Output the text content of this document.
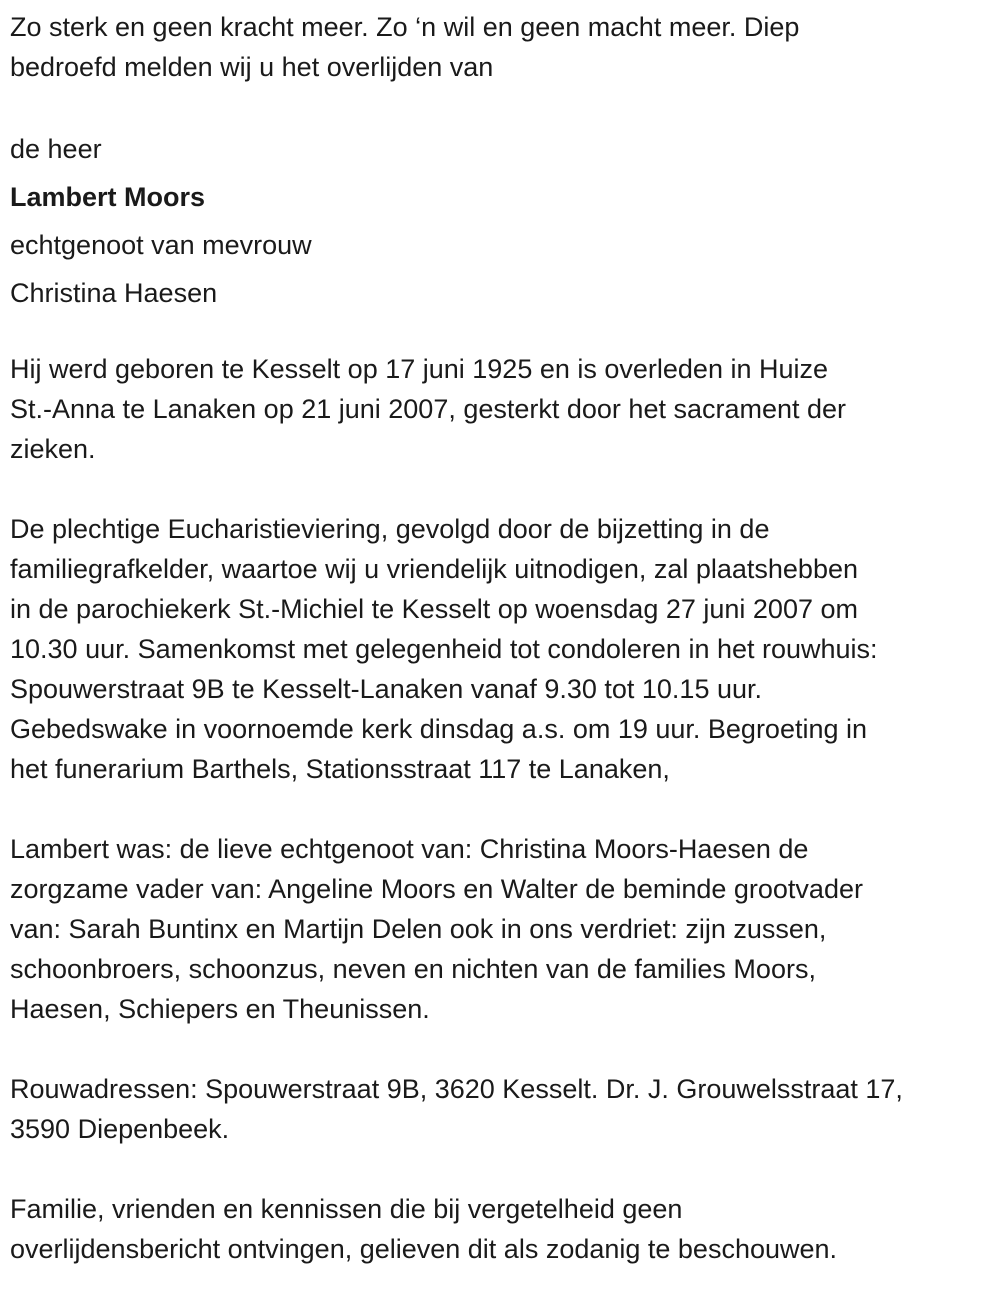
Zo sterk en geen kracht meer. Zo ‘n wil en geen macht meer. Diep
bedroefd melden wij u het overlijden van

de heer
Lambert Moors
echtgenoot van mevrouw
Christina Haesen

Hij werd geboren te Kesselt op 17 juni 1925 en is overleden in Huize
St.-Anna te Lanaken op 21 juni 2007, gesterkt door het sacrament der
zieken.

De plechtige Eucharistieviering, gevolgd door de bijzetting in de
familiegrafkelder, waartoe wij u vriendelijk uitnodigen, zal plaatshebben
in de parochiekerk St.-Michiel te Kesselt op woensdag 27 juni 2007 om
10.30 uur. Samenkomst met gelegenheid tot condoleren in het rouwhuis:
Spouwerstraat 9B te Kesselt-Lanaken vanaf 9.30 tot 10.15 uur.
Gebedswake in voornoemde kerk dinsdag a.s. om 19 uur. Begroeting in
het funerarium Barthels, Stationsstraat 117 te Lanaken,

Lambert was: de lieve echtgenoot van: Christina Moors-Haesen de
zorgzame vader van: Angeline Moors en Walter de beminde grootvader
van: Sarah Buntinx en Martijn Delen ook in ons verdriet: zijn zussen,
schoonbroers, schoonzus, neven en nichten van de families Moors,
Haesen, Schiepers en Theunissen.

Rouwadressen: Spouwerstraat 9B, 3620 Kesselt. Dr. J. Grouwelsstraat 17,
3590 Diepenbeek.

Familie, vrienden en kennissen die bij vergetelheid geen
overlijdensbericht ontvingen, gelieven dit als zodanig te beschouwen.
